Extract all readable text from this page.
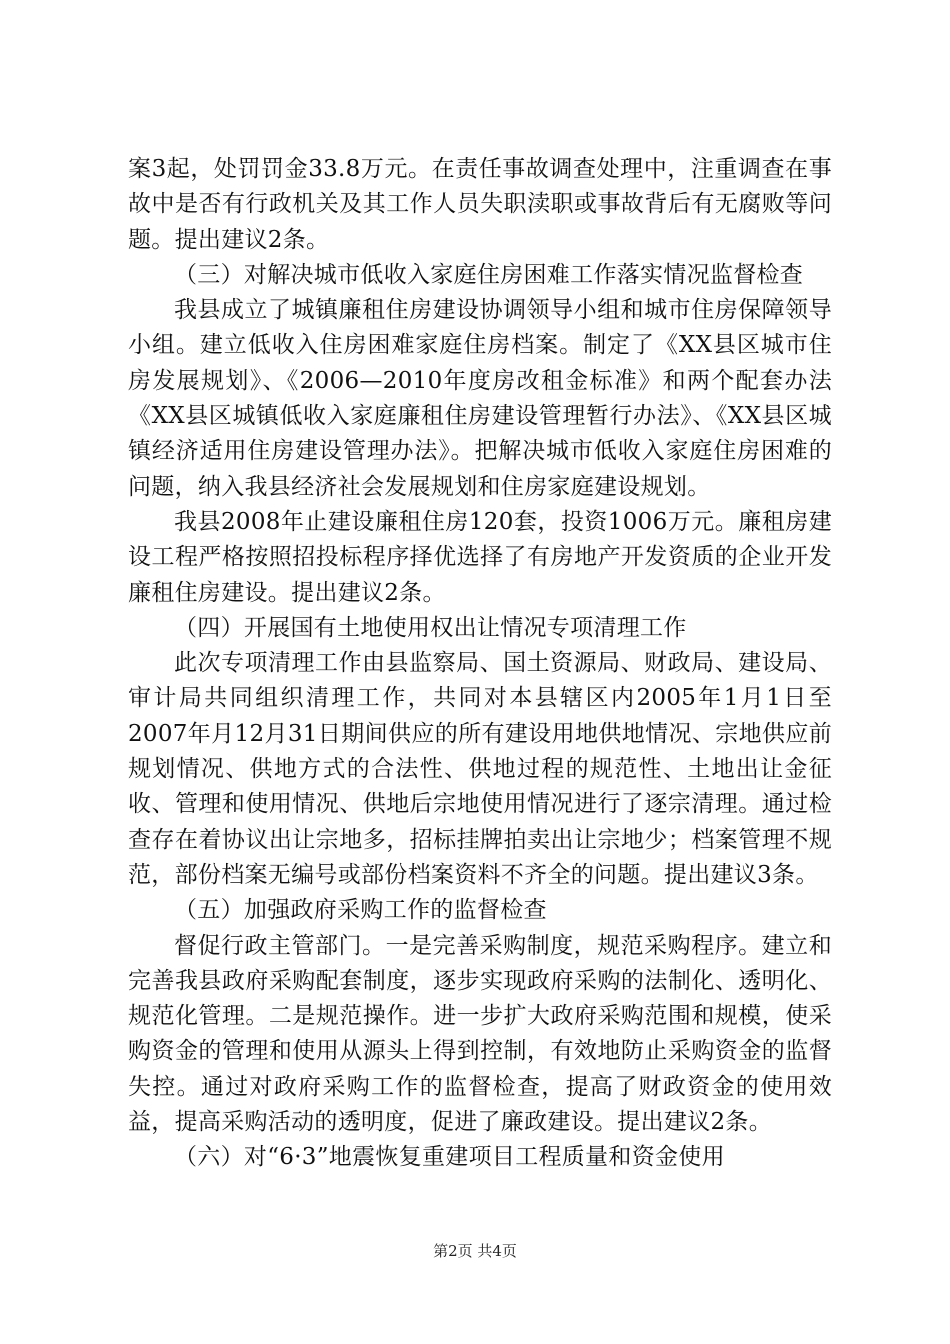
案3起，处罚罚金33.8万元。在责任事故调查处理中，注重调查在事故中是否有行政机关及其工作人员失职渎职或事故背后有无腐败等问题。提出建议2条。

（三）对解决城市低收入家庭住房困难工作落实情况监督检查

我县成立了城镇廉租住房建设协调领导小组和城市住房保障领导小组。建立低收入住房困难家庭住房档案。制定了《XX县区城市住房发展规划》、《2006—2010年度房改租金标准》和两个配套办法《XX县区城镇低收入家庭廉租住房建设管理暂行办法》、《XX县区城镇经济适用住房建设管理办法》。把解决城市低收入家庭住房困难的问题，纳入我县经济社会发展规划和住房家庭建设规划。

我县2008年止建设廉租住房120套，投资1006万元。廉租房建设工程严格按照招投标程序择优选择了有房地产开发资质的企业开发廉租住房建设。提出建议2条。

（四）开展国有土地使用权出让情况专项清理工作

此次专项清理工作由县监察局、国土资源局、财政局、建设局、审计局共同组织清理工作，共同对本县辖区内2005年1月1日至2007年月12月31日期间供应的所有建设用地供地情况、宗地供应前规划情况、供地方式的合法性、供地过程的规范性、土地出让金征收、管理和使用情况、供地后宗地使用情况进行了逐宗清理。通过检查存在着协议出让宗地多，招标挂牌拍卖出让宗地少；档案管理不规范，部份档案无编号或部份档案资料不齐全的问题。提出建议3条。

（五）加强政府采购工作的监督检查

督促行政主管部门。一是完善采购制度，规范采购程序。建立和完善我县政府采购配套制度，逐步实现政府采购的法制化、透明化、规范化管理。二是规范操作。进一步扩大政府采购范围和规模，使采购资金的管理和使用从源头上得到控制，有效地防止采购资金的监督失控。通过对政府采购工作的监督检查，提高了财政资金的使用效益，提高采购活动的透明度，促进了廉政建设。提出建议2条。

（六）对“6·3”地震恢复重建项目工程质量和资金使用

第2页 共4页
